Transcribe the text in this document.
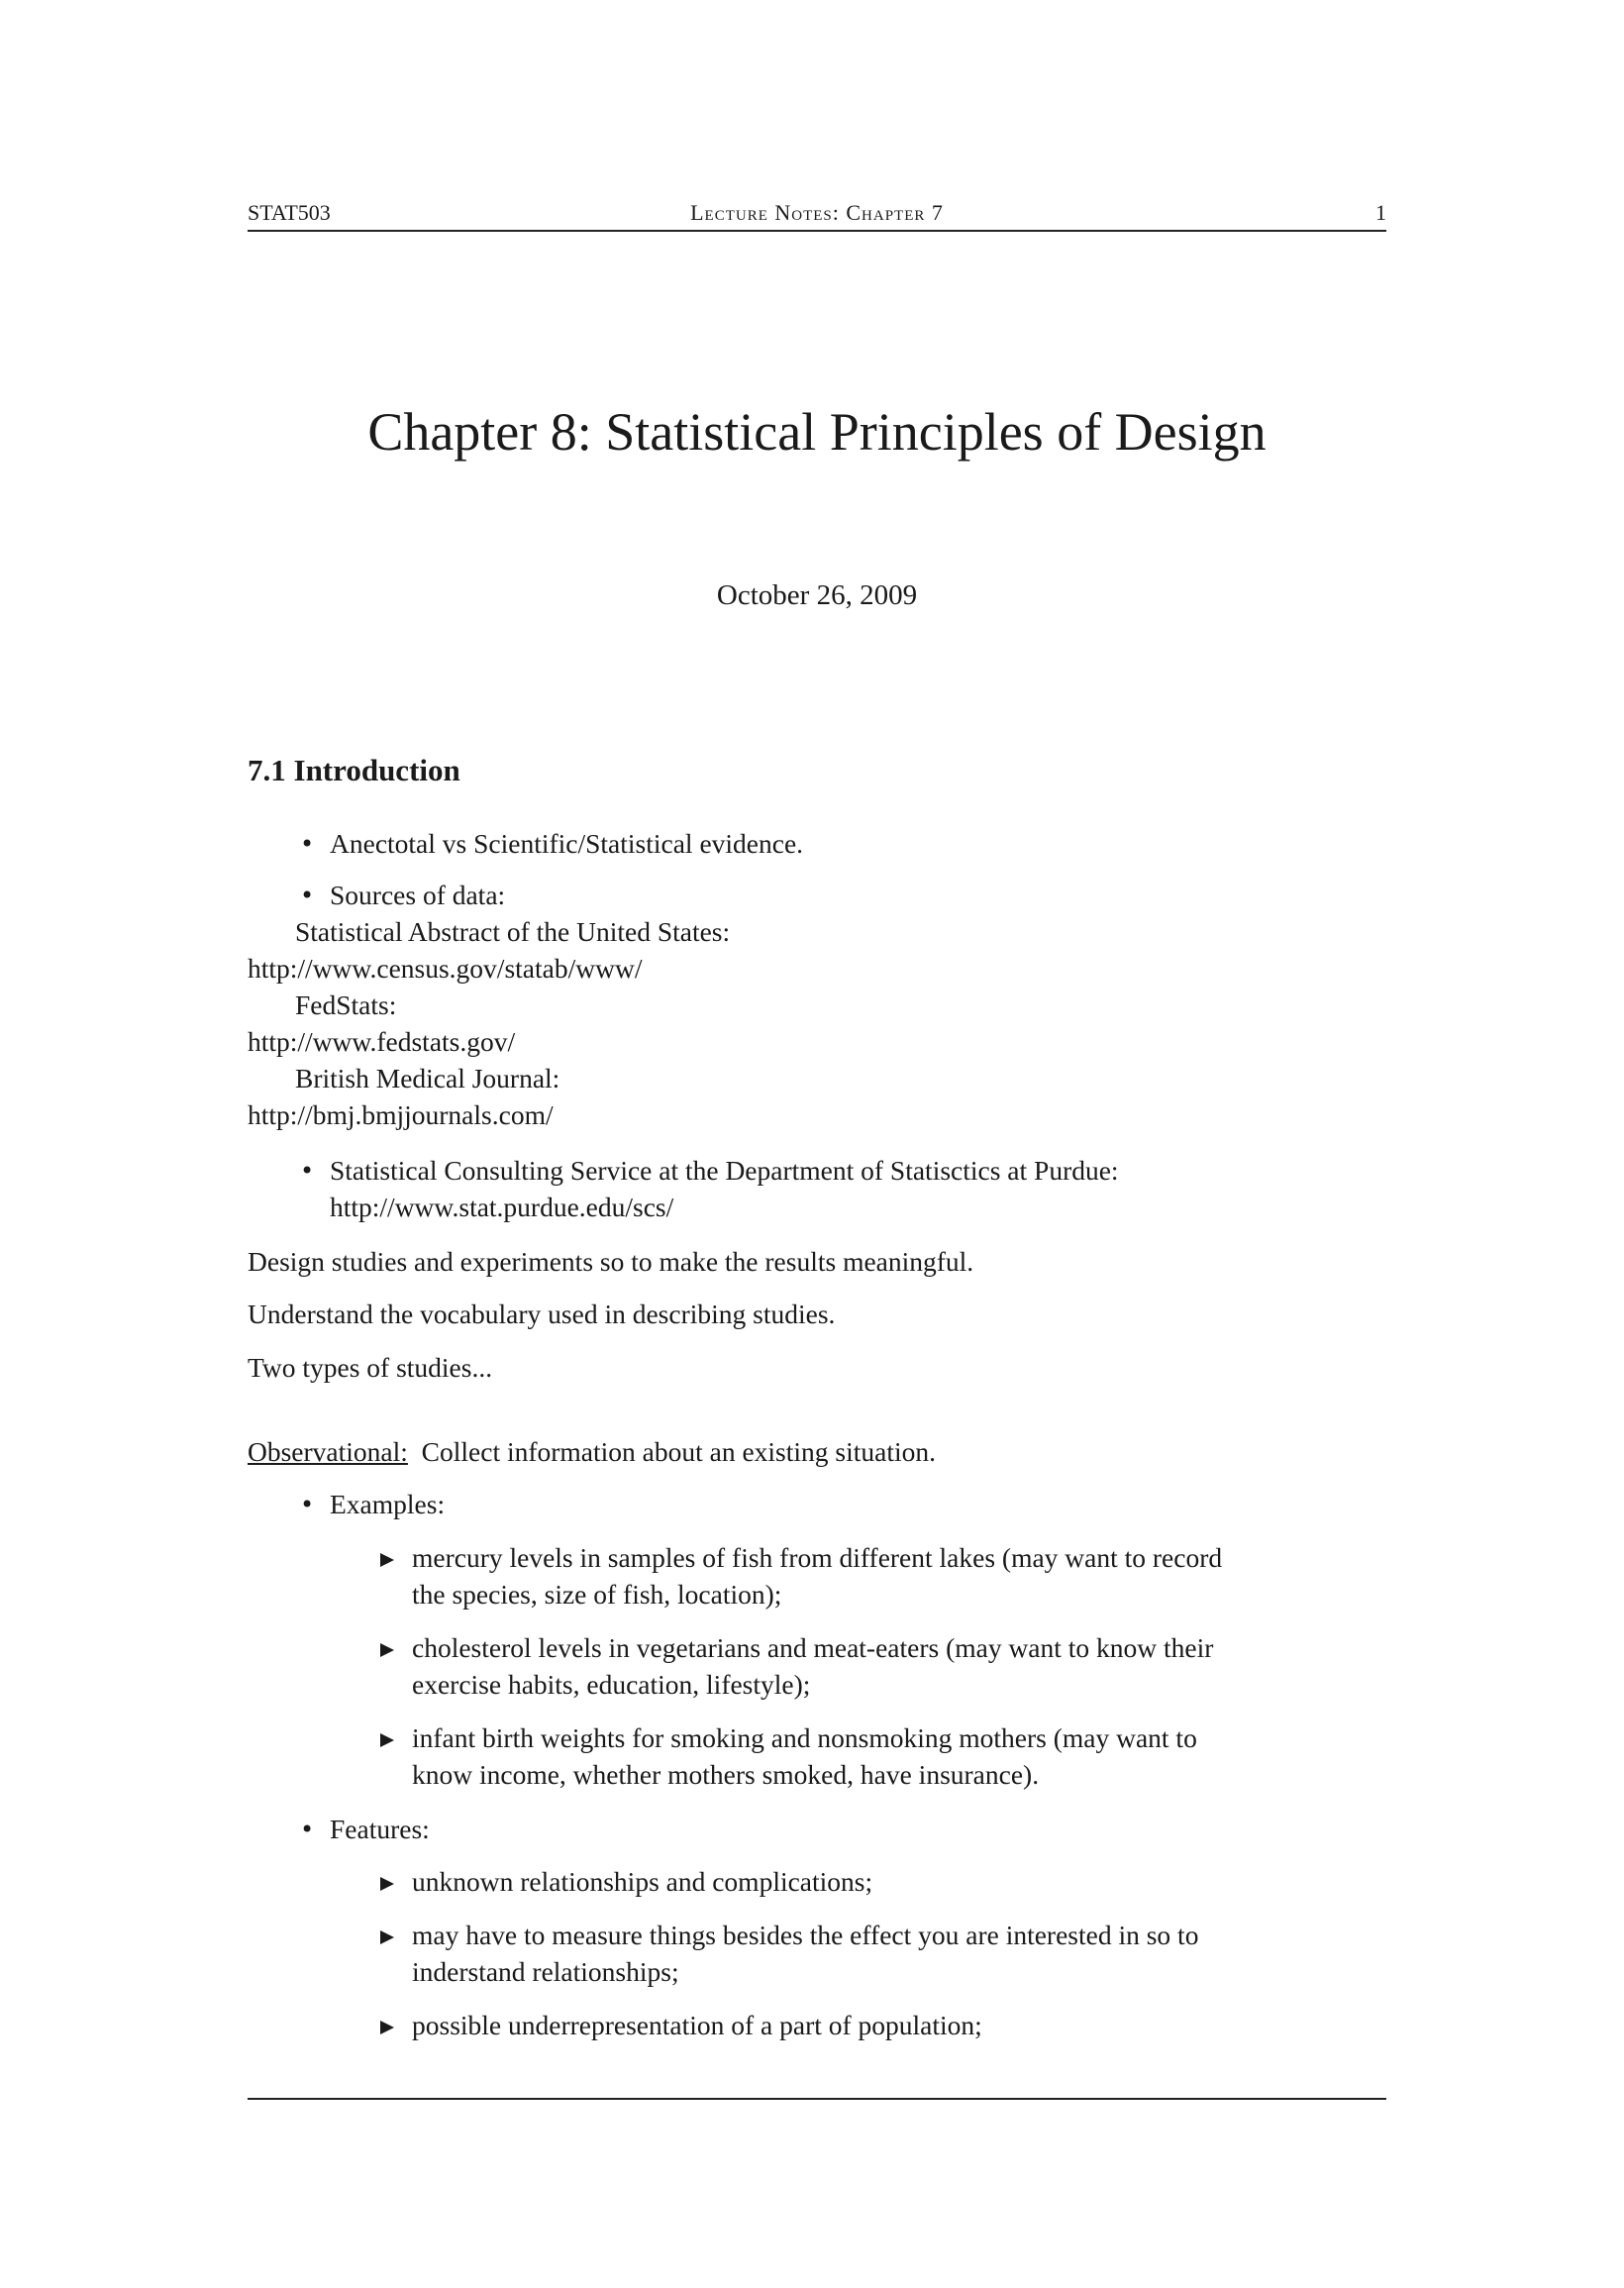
STAT503	Lecture Notes: Chapter 7	1
Chapter 8: Statistical Principles of Design
October 26, 2009
7.1 Introduction
• Anectotal vs Scientific/Statistical evidence.
• Sources of data:
Statistical Abstract of the United States:
http://www.census.gov/statab/www/
FedStats:
http://www.fedstats.gov/
British Medical Journal:
http://bmj.bmjjournals.com/
• Statistical Consulting Service at the Department of Statisctics at Purdue:
http://www.stat.purdue.edu/scs/
Design studies and experiments so to make the results meaningful.
Understand the vocabulary used in describing studies.
Two types of studies...
Observational: Collect information about an existing situation.
• Examples:
mercury levels in samples of fish from different lakes (may want to record
the species, size of fish, location);
cholesterol levels in vegetarians and meat-eaters (may want to know their
exercise habits, education, lifestyle);
infant birth weights for smoking and nonsmoking mothers (may want to
know income, whether mothers smoked, have insurance).
• Features:
unknown relationships and complications;
may have to measure things besides the effect you are interested in so to
inderstand relationships;
possible underrepresentation of a part of population;
